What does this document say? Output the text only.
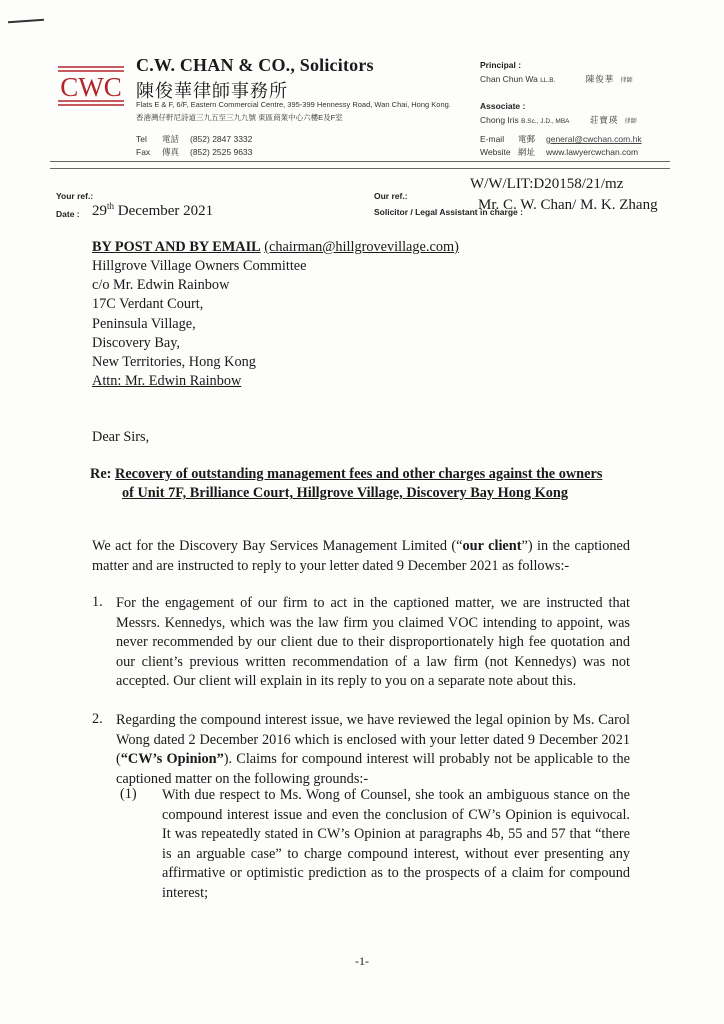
CWC
C.W. CHAN & CO., Solicitors
陳俊華律師事務所
Flats E & F, 6/F, Eastern Commercial Centre, 395-399 Hennessy Road, Wan Chai, Hong Kong.
香港灣仔軒尼詩道三九五至三九九號 東區商業中心六樓E及F室
Tel 電話 (852) 2847 3332
Fax 傳真 (852) 2525 9633
Principal :
Chan Chun Wa LL.B.	陳俊華 律師
Associate :
Chong Iris B.Sc., J.D., MBA 莊寶瑛 律師
E-mail 電郵 general@cwchan.com.hk
Website 網址 www.lawyercwchan.com
Your ref.:
Date : 29th December 2021
Our ref.:
W/W/LIT:D20158/21/mz
Solicitor / Legal Assistant in charge :
Mr. C. W. Chan/ M. K. Zhang
BY POST AND BY EMAIL (chairman@hillgrovevillage.com)
Hillgrove Village Owners Committee
c/o Mr. Edwin Rainbow
17C Verdant Court,
Peninsula Village,
Discovery Bay,
New Territories, Hong Kong
Attn: Mr. Edwin Rainbow
Dear Sirs,
Re: Recovery of outstanding management fees and other charges against the owners
of Unit 7F, Brilliance Court, Hillgrove Village, Discovery Bay Hong Kong
We act for the Discovery Bay Services Management Limited (“our client”) in the captioned matter and are instructed to reply to your letter dated 9 December 2021 as follows:-
1. For the engagement of our firm to act in the captioned matter, we are instructed that Messrs. Kennedys, which was the law firm you claimed VOC intending to appoint, was never recommended by our client due to their disproportionately high fee quotation and our client’s previous written recommendation of a law firm (not Kennedys) was not accepted. Our client will explain in its reply to you on a separate note about this.
2. Regarding the compound interest issue, we have reviewed the legal opinion by Ms. Carol Wong dated 2 December 2016 which is enclosed with your letter dated 9 December 2021 (“CW’s Opinion”). Claims for compound interest will probably not be applicable to the captioned matter on the following grounds:-
(1) With due respect to Ms. Wong of Counsel, she took an ambiguous stance on the compound interest issue and even the conclusion of CW’s Opinion is equivocal. It was repeatedly stated in CW’s Opinion at paragraphs 4b, 55 and 57 that “there is an arguable case” to charge compound interest, without ever presenting any affirmative or optimistic prediction as to the prospects of a claim for compound interest;
-1-
